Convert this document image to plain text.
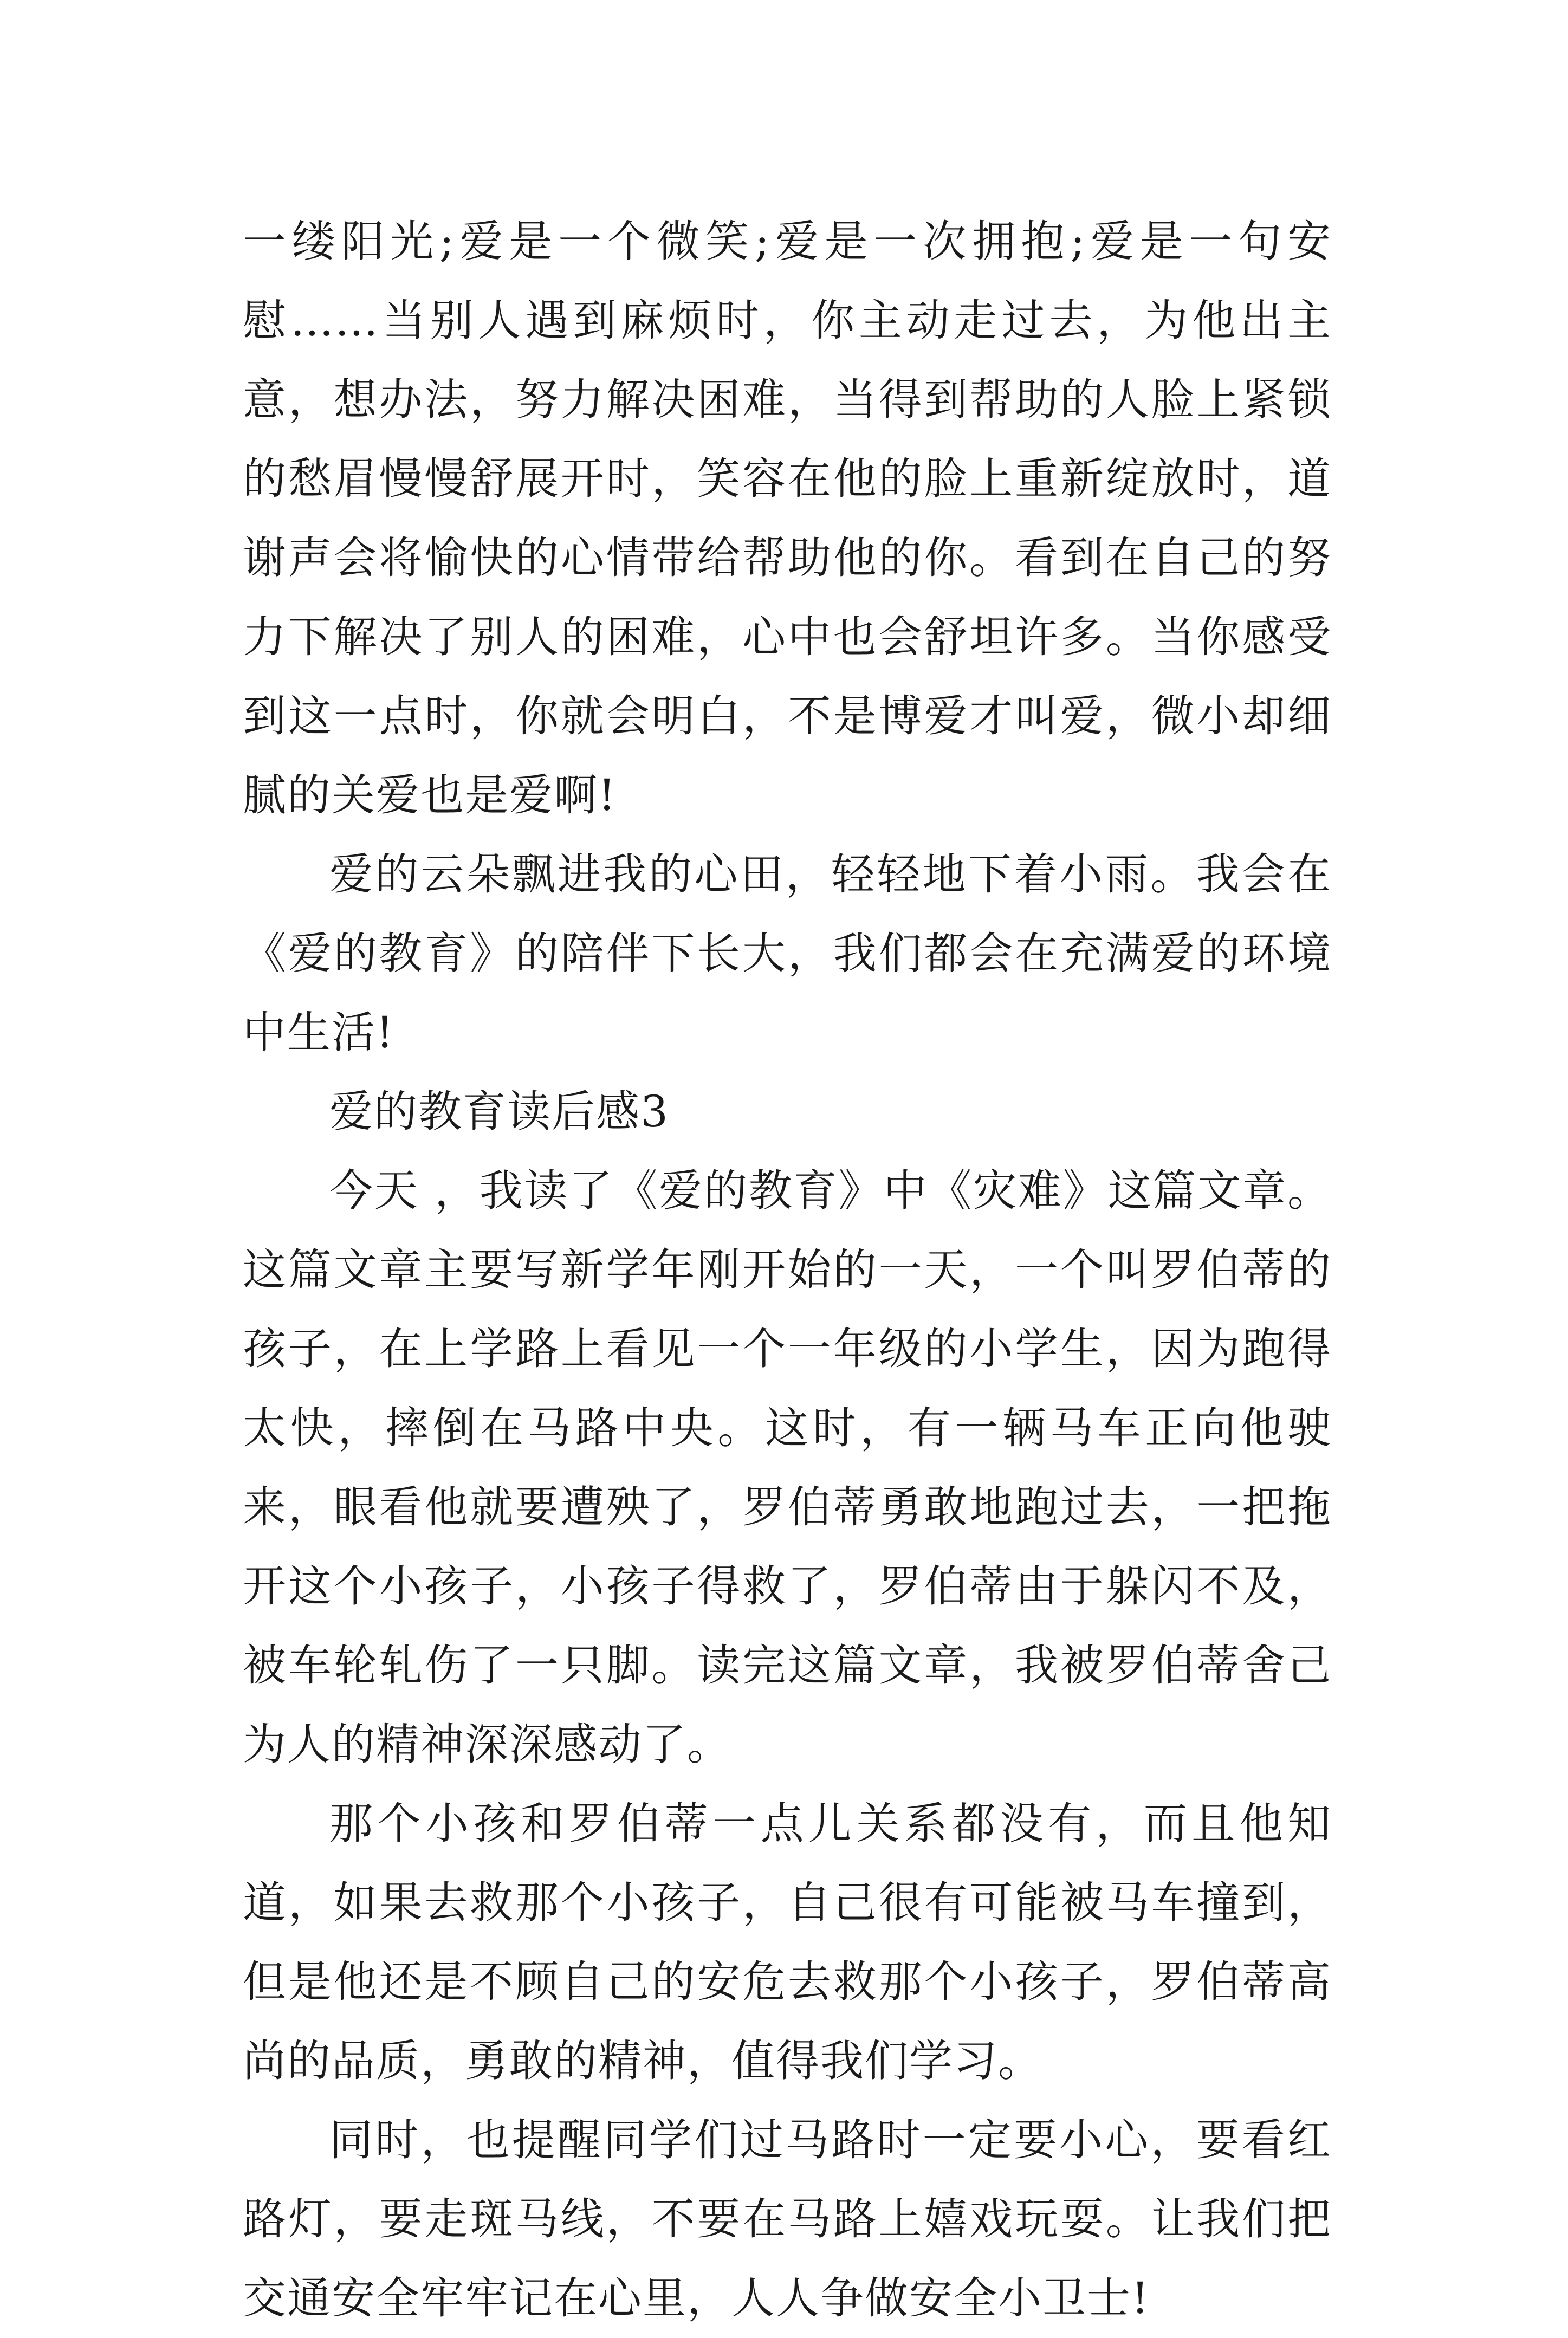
一缕阳光;爱是一个微笑;爱是一次拥抱;爱是一句安慰……当别人遇到麻烦时，你主动走过去，为他出主意，想办法，努力解决困难，当得到帮助的人脸上紧锁的愁眉慢慢舒展开时，笑容在他的脸上重新绽放时，道谢声会将愉快的心情带给帮助他的你。看到在自己的努力下解决了别人的困难，心中也会舒坦许多。当你感受到这一点时，你就会明白，不是博爱才叫爱，微小却细腻的关爱也是爱啊!

爱的云朵飘进我的心田，轻轻地下着小雨。我会在《爱的教育》的陪伴下长大，我们都会在充满爱的环境中生活!

爱的教育读后感3

今天 ，我读了《爱的教育》中《灾难》这篇文章。这篇文章主要写新学年刚开始的一天，一个叫罗伯蒂的孩子，在上学路上看见一个一年级的小学生，因为跑得太快，摔倒在马路中央。这时，有一辆马车正向他驶来，眼看他就要遭殃了，罗伯蒂勇敢地跑过去，一把拖开这个小孩子，小孩子得救了，罗伯蒂由于躲闪不及，被车轮轧伤了一只脚。读完这篇文章，我被罗伯蒂舍己为人的精神深深感动了。

那个小孩和罗伯蒂一点儿关系都没有，而且他知道，如果去救那个小孩子，自己很有可能被马车撞到，但是他还是不顾自己的安危去救那个小孩子，罗伯蒂高尚的品质，勇敢的精神，值得我们学习。

同时，也提醒同学们过马路时一定要小心，要看红路灯，要走斑马线，不要在马路上嬉戏玩耍。让我们把交通安全牢牢记在心里，人人争做安全小卫士!
